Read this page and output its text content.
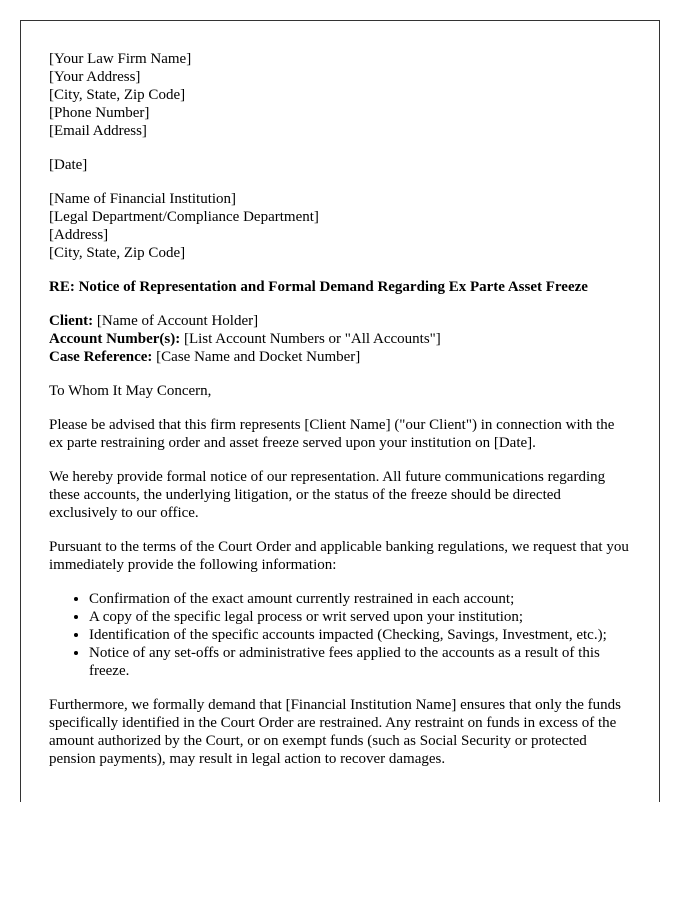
[Your Law Firm Name]
[Your Address]
[City, State, Zip Code]
[Phone Number]
[Email Address]

[Date]

[Name of Financial Institution]
[Legal Department/Compliance Department]
[Address]
[City, State, Zip Code]

RE: Notice of Representation and Formal Demand Regarding Ex Parte Asset Freeze

Client: [Name of Account Holder]
Account Number(s): [List Account Numbers or "All Accounts"]
Case Reference: [Case Name and Docket Number]

To Whom It May Concern,

Please be advised that this firm represents [Client Name] ("our Client") in connection with the ex parte restraining order and asset freeze served upon your institution on [Date].

We hereby provide formal notice of our representation. All future communications regarding these accounts, the underlying litigation, or the status of the freeze should be directed exclusively to our office.

Pursuant to the terms of the Court Order and applicable banking regulations, we request that you immediately provide the following information:

• Confirmation of the exact amount currently restrained in each account;
• A copy of the specific legal process or writ served upon your institution;
• Identification of the specific accounts impacted (Checking, Savings, Investment, etc.);
• Notice of any set-offs or administrative fees applied to the accounts as a result of this freeze.

Furthermore, we formally demand that [Financial Institution Name] ensures that only the funds specifically identified in the Court Order are restrained. Any restraint on funds in excess of the amount authorized by the Court, or on exempt funds (such as Social Security or protected pension payments), may result in legal action to recover damages.
